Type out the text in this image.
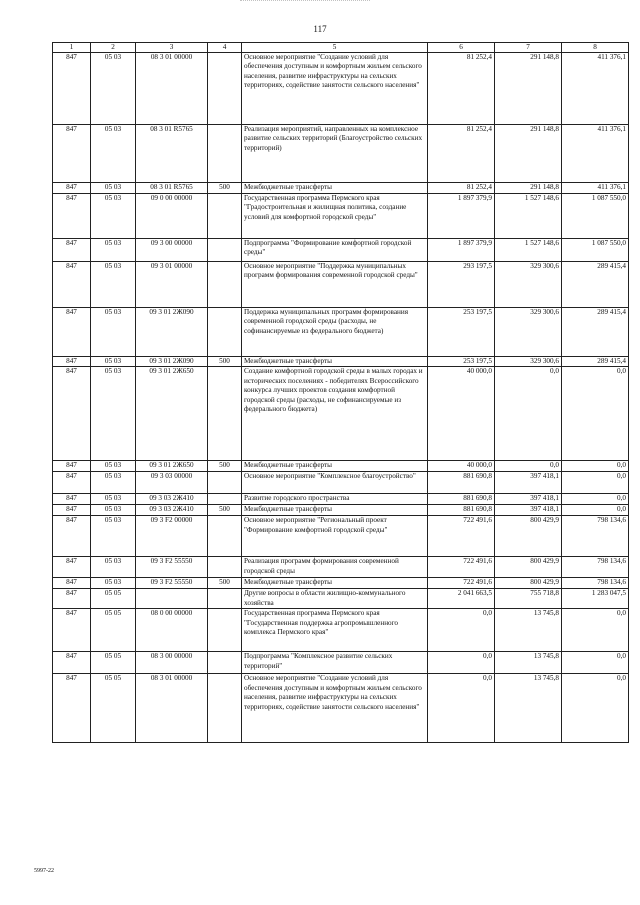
117
1	2	3	4	5	6	7	8
847	05 03	08 3 01 00000		Основное мероприятие "Создание условий для обеспечения доступным и комфортным жильем сельского населения, развитие инфраструктуры на сельских территориях, содействие занятости сельского населения"	81 252,4	291 148,8	411 376,1
847	05 03	08 3 01 R5765		Реализация мероприятий, направленных на комплексное развитие сельских территорий (Благоустройство сельских территорий)	81 252,4	291 148,8	411 376,1
847	05 03	08 3 01 R5765	500	Межбюджетные трансферты	81 252,4	291 148,8	411 376,1
847	05 03	09 0 00 00000		Государственная программа Пермского края "Градостроительная и жилищная политика, создание условий для комфортной городской среды"	1 897 379,9	1 527 148,6	1 087 550,0
847	05 03	09 3 00 00000		Подпрограмма "Формирование комфортной городской среды"	1 897 379,9	1 527 148,6	1 087 550,0
847	05 03	09 3 01 00000		Основное мероприятие "Поддержка муниципальных программ формирования современной городской среды"	293 197,5	329 300,6	289 415,4
847	05 03	09 3 01 2Ж090		Поддержка муниципальных программ формирования современной городской среды (расходы, не софинансируемые из федерального бюджета)	253 197,5	329 300,6	289 415,4
847	05 03	09 3 01 2Ж090	500	Межбюджетные трансферты	253 197,5	329 300,6	289 415,4
847	05 03	09 3 01 2Ж650		Создание комфортной городской среды в малых городах и исторических поселениях - победителях Всероссийского конкурса лучших проектов создания комфортной городской среды (расходы, не софинансируемые из федерального бюджета)	40 000,0	0,0	0,0
847	05 03	09 3 01 2Ж650	500	Межбюджетные трансферты	40 000,0	0,0	0,0
847	05 03	09 3 03 00000		Основное мероприятие "Комплексное благоустройство"	881 690,8	397 418,1	0,0
847	05 03	09 3 03 2Ж410		Развитие городского пространства	881 690,8	397 418,1	0,0
847	05 03	09 3 03 2Ж410	500	Межбюджетные трансферты	881 690,8	397 418,1	0,0
847	05 03	09 3 F2 00000		Основное мероприятие "Региональный проект "Формирование комфортной городской среды"	722 491,6	800 429,9	798 134,6
847	05 03	09 3 F2 55550		Реализация программ формирования современной городской среды	722 491,6	800 429,9	798 134,6
847	05 03	09 3 F2 55550	500	Межбюджетные трансферты	722 491,6	800 429,9	798 134,6
847	05 05			Другие вопросы в области жилищно-коммунального хозяйства	2 041 663,5	755 718,8	1 283 047,5
847	05 05	08 0 00 00000		Государственная программа Пермского края "Государственная поддержка агропромышленного комплекса Пермского края"	0,0	13 745,8	0,0
847	05 05	08 3 00 00000		Подпрограмма "Комплексное развитие сельских территорий"	0,0	13 745,8	0,0
847	05 05	08 3 01 00000		Основное мероприятие "Создание условий для обеспечения доступным и комфортным жильем сельского населения, развитие инфраструктуры на сельских территориях, содействие занятости сельского населения"	0,0	13 745,8	0,0
5997-22
